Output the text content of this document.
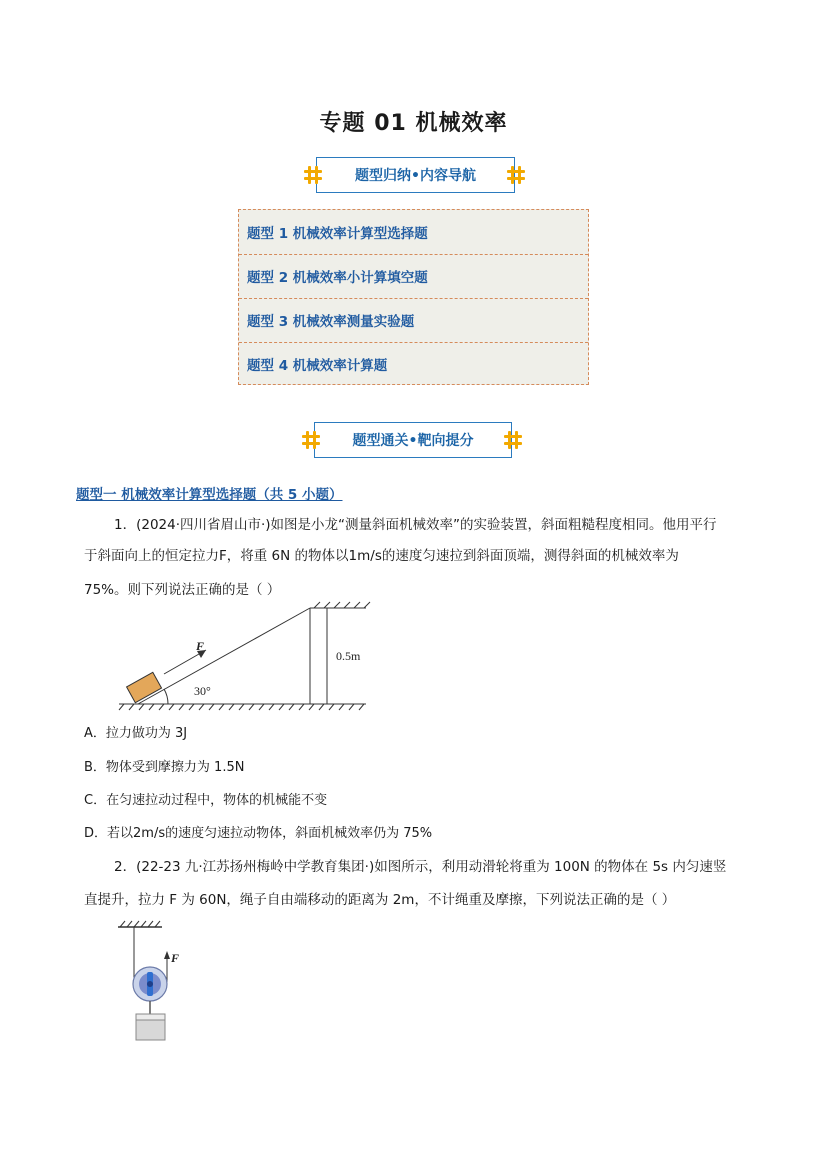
专题 01 机械效率
题型归纳•内容导航
题型 1 机械效率计算型选择题
题型 2 机械效率小计算填空题
题型 3 机械效率测量实验题
题型 4 机械效率计算题
题型通关•靶向提分
题型一 机械效率计算型选择题（共 5 小题）
1．(2024·四川省眉山市·)如图是小龙“测量斜面机械效率”的实验装置，斜面粗糙程度相同。他用平行
于斜面向上的恒定拉力F，将重 6N 的物体以1m/s的速度匀速拉到斜面顶端，测得斜面的机械效率为
75%。则下列说法正确的是（ ）
F
30°
0.5m
A．拉力做功为 3J
B．物体受到摩擦力为 1.5N
C．在匀速拉动过程中，物体的机械能不变
D．若以2m/s的速度匀速拉动物体，斜面机械效率仍为 75%
2．(22-23 九·江苏扬州梅岭中学教育集团·)如图所示，利用动滑轮将重为 100N 的物体在 5s 内匀速竖
直提升，拉力 F 为 60N，绳子自由端移动的距离为 2m，不计绳重及摩擦，下列说法正确的是（ ）
F
